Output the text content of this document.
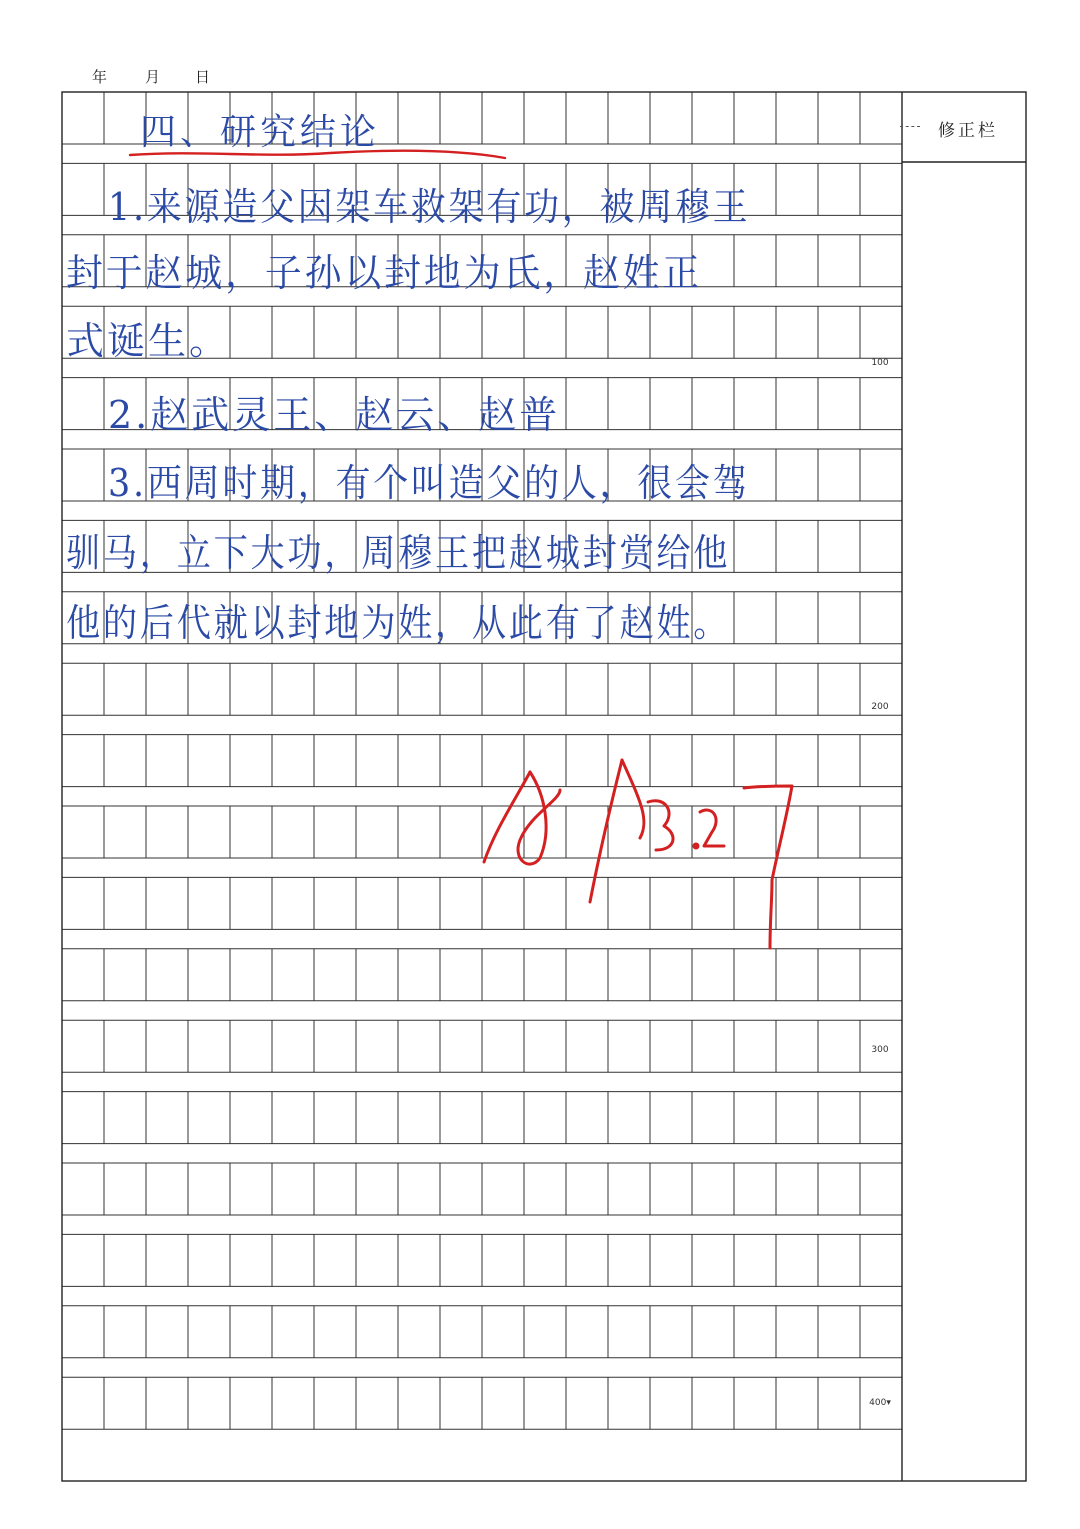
年	月 日
修正栏
100
200
300
400▾
四、研究结论
1.来源造父因架车救架有功，被周穆王
封于赵城，子孙以封地为氏，赵姓正
式诞生。
2.赵武灵王、赵云、赵普
3.西周时期，有个叫造父的人，很会驾
驯马，立下大功，周穆王把赵城封赏给他
他的后代就以封地为姓，从此有了赵姓。
